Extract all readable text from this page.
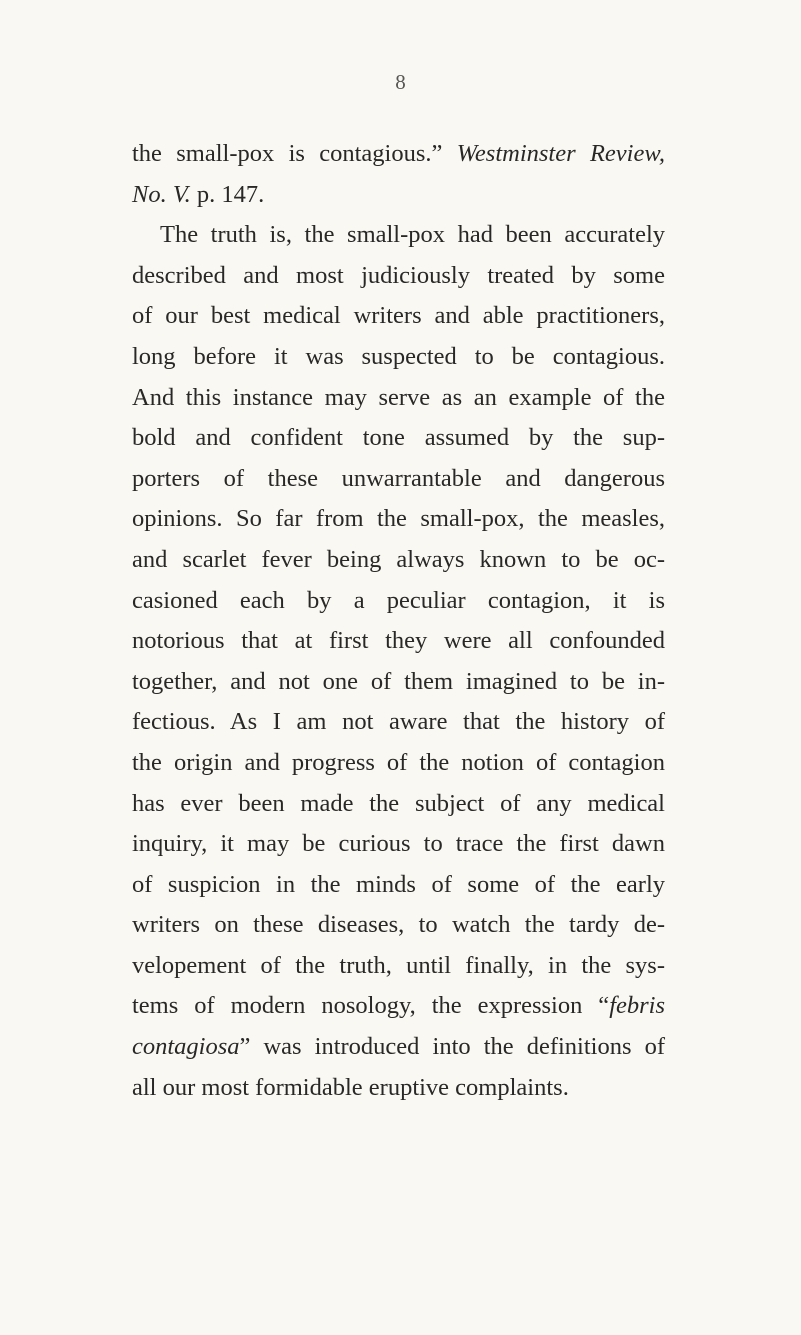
8
the small-pox is contagious.” Westminster Review,
No. V. p. 147.
The truth is, the small-pox had been accurately
described and most judiciously treated by some
of our best medical writers and able practitioners,
long before it was suspected to be contagious.
And this instance may serve as an example of the
bold and confident tone assumed by the sup-
porters of these unwarrantable and dangerous
opinions. So far from the small-pox, the measles,
and scarlet fever being always known to be oc-
casioned each by a peculiar contagion, it is
notorious that at first they were all confounded
together, and not one of them imagined to be in-
fectious. As I am not aware that the history of
the origin and progress of the notion of contagion
has ever been made the subject of any medical
inquiry, it may be curious to trace the first dawn
of suspicion in the minds of some of the early
writers on these diseases, to watch the tardy de-
velopement of the truth, until finally, in the sys-
tems of modern nosology, the expression “febris
contagiosa” was introduced into the definitions of
all our most formidable eruptive complaints.
